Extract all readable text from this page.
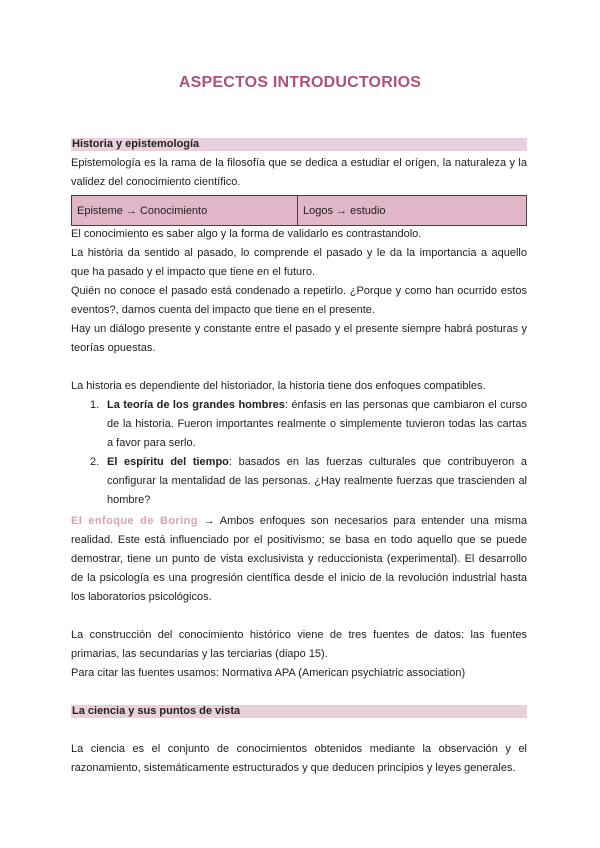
ASPECTOS INTRODUCTORIOS
Historia y epistemología
Epistemología es la rama de la filosofía que se dedica a estudiar el orígen, la naturaleza y la
validez del conocimiento científico.
Episteme → Conocimiento	Logos → estudio
El conocimiento es saber algo y la forma de validarlo es contrastandolo.
La història da sentido al pasado, lo comprende el pasado y le da la importancia a aquello
que ha pasado y el impacto que tiene en el futuro.
Quién no conoce el pasado está condenado a repetirlo. ¿Porque y como han ocurrido estos
eventos?, darnos cuenta del impacto que tiene en el presente.
Hay un diálogo presente y constante entre el pasado y el presente siempre habrá posturas y
teorías opuestas.
La historia es dependiente del historiador, la historia tiene dos enfoques compatibles.
1. La teoría de los grandes hombres: énfasis en las personas que cambiaron el curso
de la historia. Fueron importantes realmente o simplemente tuvieron todas las cartas
a favor para serlo.
2. El espíritu del tiempo: basados en las fuerzas culturales que contribuyeron a
configurar la mentalidad de las personas. ¿Hay realmente fuerzas que trascienden al
hombre?
El enfoque de Boring → Ambos enfoques son necesarios para entender una misma
realidad. Este está influenciado por el positivismo; se basa en todo aquello que se puede
demostrar, tiene un punto de vista exclusivista y reduccionista (experimental). El desarrollo
de la psicología es una progresión científica desde el inicio de la revolución industrial hasta
los laboratorios psicológicos.
La construcción del conocimiento histórico viene de tres fuentes de datos: las fuentes
primarias, las secundarias y las terciarias (diapo 15).
Para citar las fuentes usamos: Normativa APA (American psychiatric association)
La ciencia y sus puntos de vista
La ciencia es el conjunto de conocimientos obtenidos mediante la observación y el
razonamiento, sistemáticamente estructurados y que deducen principios y leyes generales.
